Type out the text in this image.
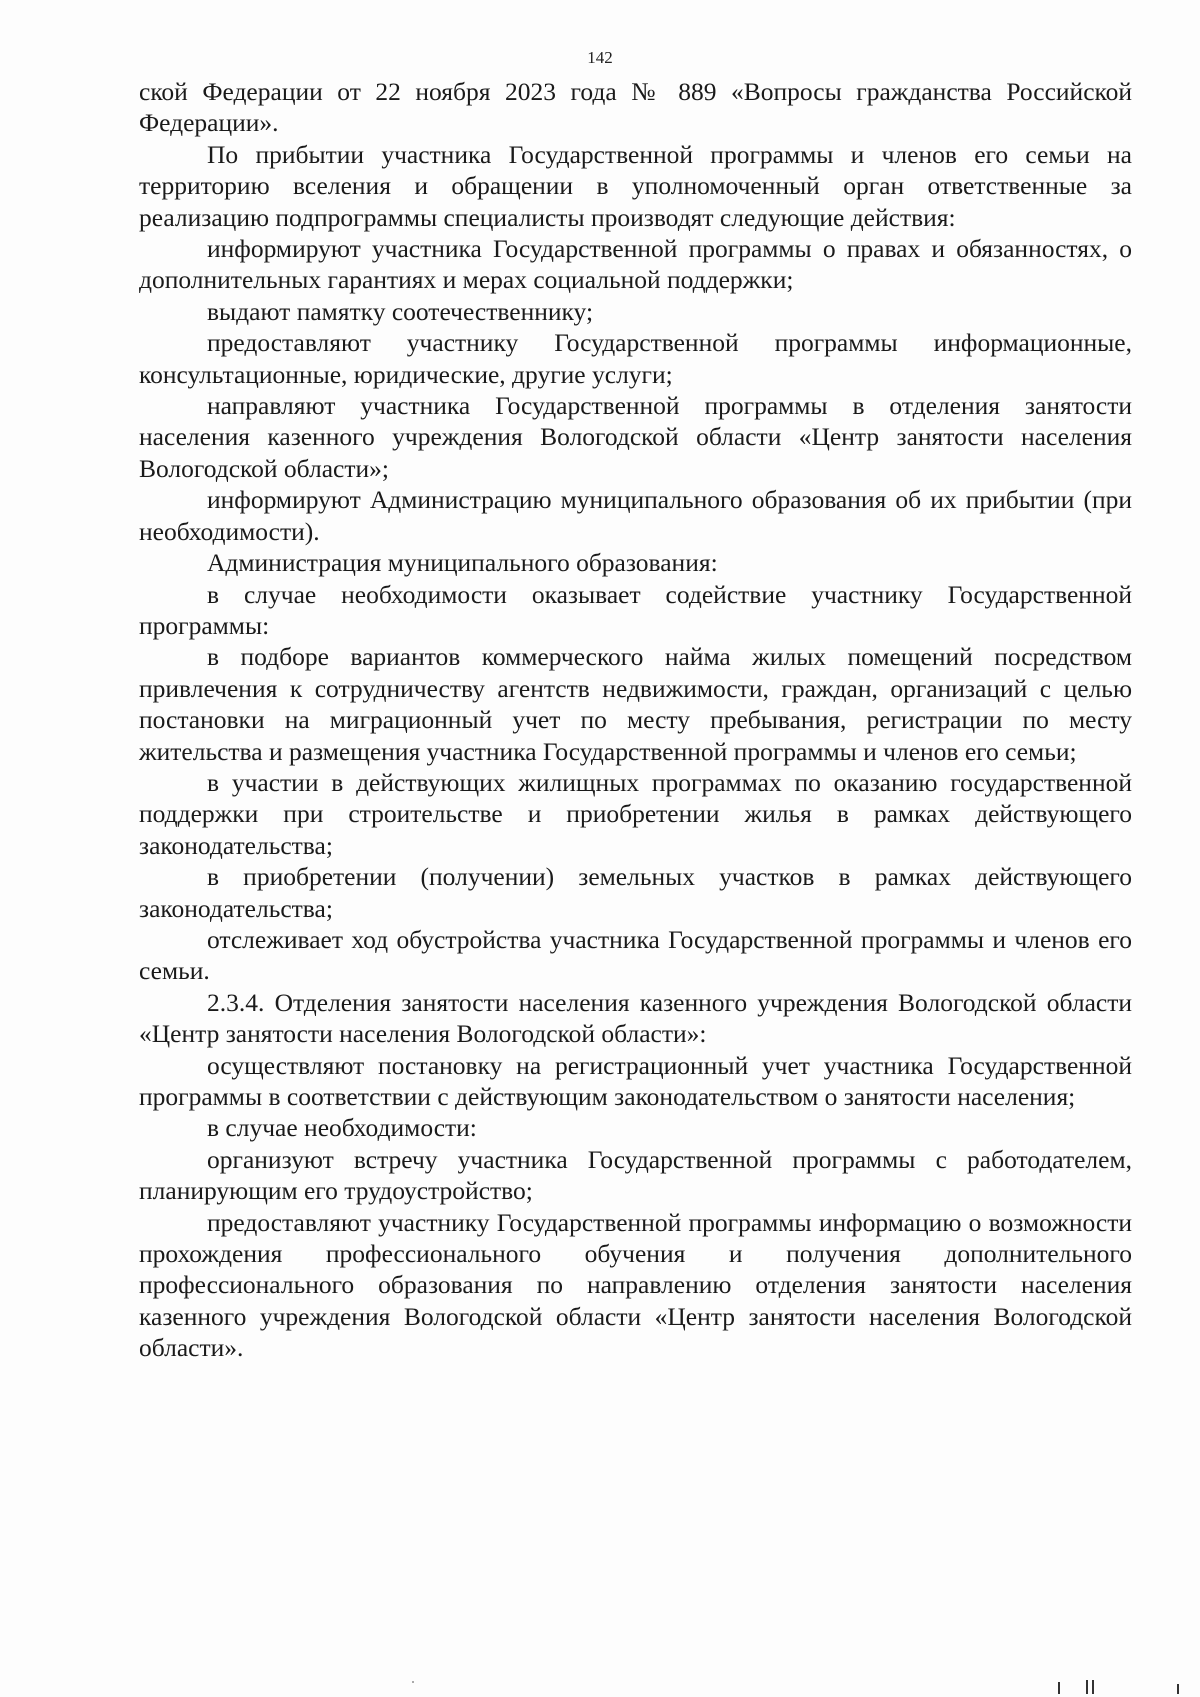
142

ской Федерации от 22 ноября 2023 года № 889 «Вопросы гражданства Российской Федерации».

По прибытии участника Государственной программы и членов его семьи на территорию вселения и обращении в уполномоченный орган ответственные за реализацию подпрограммы специалисты производят следующие действия:

информируют участника Государственной программы о правах и обязанностях, о дополнительных гарантиях и мерах социальной поддержки;

выдают памятку соотечественнику;

предоставляют участнику Государственной программы информационные, консультационные, юридические, другие услуги;

направляют участника Государственной программы в отделения занятости населения казенного учреждения Вологодской области «Центр занятости населения Вологодской области»;

информируют Администрацию муниципального образования об их прибытии (при необходимости).

Администрация муниципального образования:

в случае необходимости оказывает содействие участнику Государственной программы:

в подборе вариантов коммерческого найма жилых помещений посредством привлечения к сотрудничеству агентств недвижимости, граждан, организаций с целью постановки на миграционный учет по месту пребывания, регистрации по месту жительства и размещения участника Государственной программы и членов его семьи;

в участии в действующих жилищных программах по оказанию государственной поддержки при строительстве и приобретении жилья в рамках действующего законодательства;

в приобретении (получении) земельных участков в рамках действующего законодательства;

отслеживает ход обустройства участника Государственной программы и членов его семьи.

2.3.4. Отделения занятости населения казенного учреждения Вологодской области «Центр занятости населения Вологодской области»:

осуществляют постановку на регистрационный учет участника Государственной программы в соответствии с действующим законодательством о занятости населения;

в случае необходимости:

организуют встречу участника Государственной программы с работодателем, планирующим его трудоустройство;

предоставляют участнику Государственной программы информацию о возможности прохождения профессионального обучения и получения дополнительного профессионального образования по направлению отделения занятости населения казенного учреждения Вологодской области «Центр занятости населения Вологодской области».
